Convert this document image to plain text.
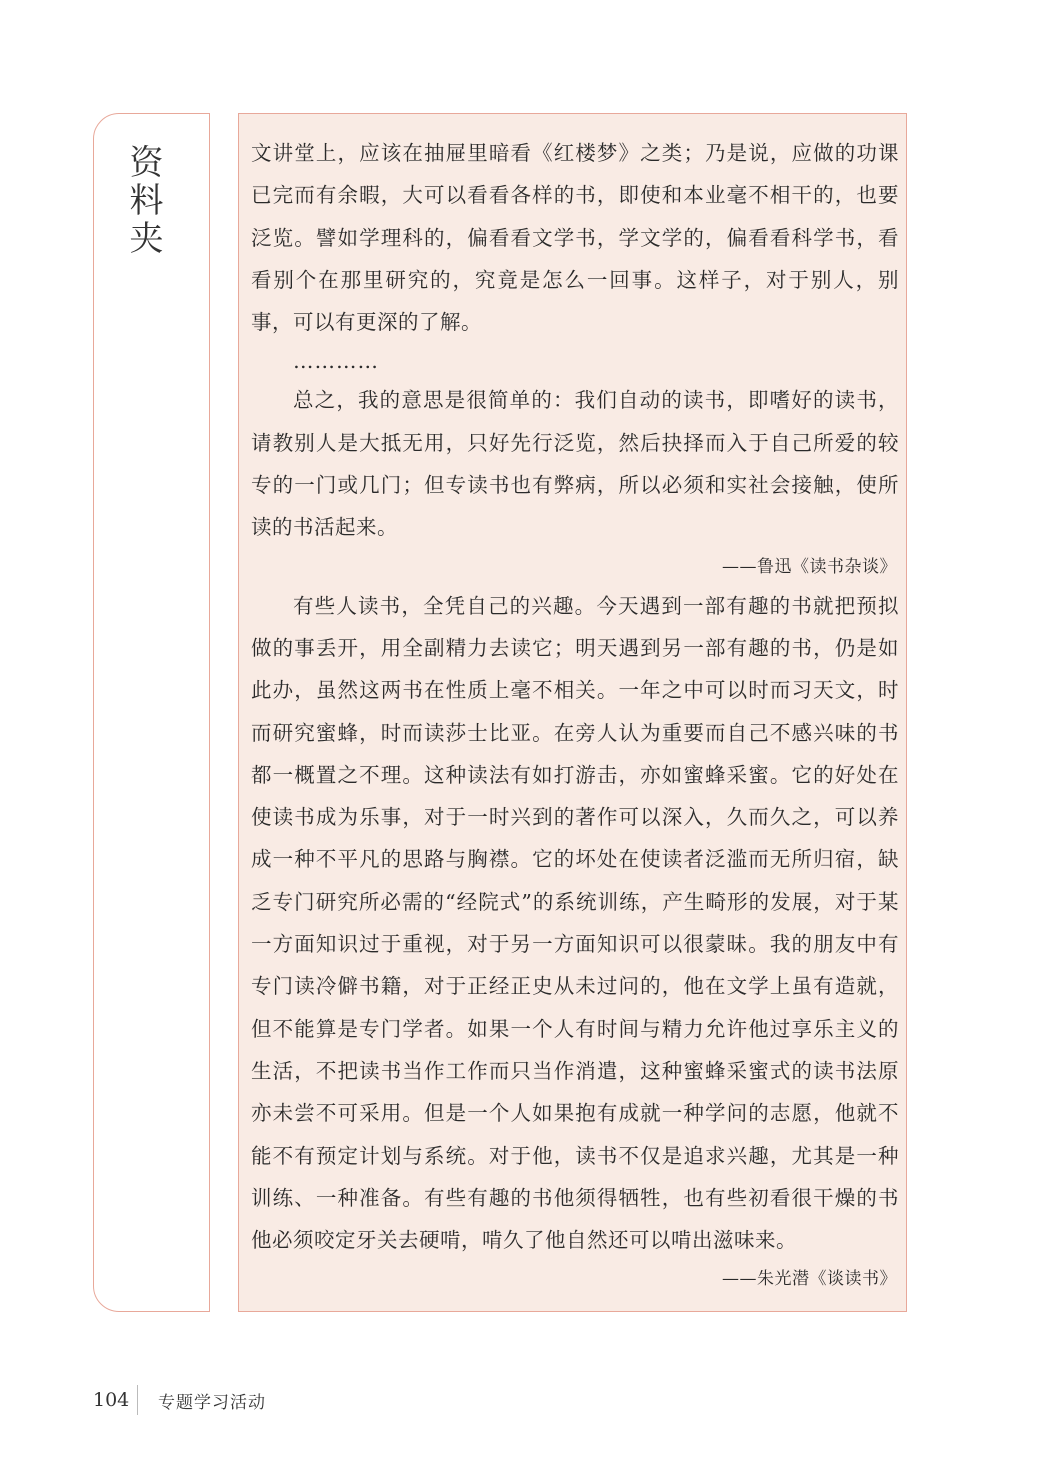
资料夹	文讲堂上，应该在抽屉里暗看《红楼梦》之类；乃是说，应做的功课已完而有余暇，大可以看看各样的书，即使和本业毫不相干的，也要泛览。譬如学理科的，偏看看文学书，学文学的，偏看看科学书，看看别个在那里研究的，究竟是怎么一回事。这样子，对于别人，别事，可以有更深的了解。

…………

总之，我的意思是很简单的：我们自动的读书，即嗜好的读书，请教别人是大抵无用，只好先行泛览，然后抉择而入于自己所爱的较专的一门或几门；但专读书也有弊病，所以必须和实社会接触，使所读的书活起来。

——鲁迅《读书杂谈》

有些人读书，全凭自己的兴趣。今天遇到一部有趣的书就把预拟做的事丢开，用全副精力去读它；明天遇到另一部有趣的书，仍是如此办，虽然这两书在性质上毫不相关。一年之中可以时而习天文，时而研究蜜蜂，时而读莎士比亚。在旁人认为重要而自己不感兴味的书都一概置之不理。这种读法有如打游击，亦如蜜蜂采蜜。它的好处在使读书成为乐事，对于一时兴到的著作可以深入，久而久之，可以养成一种不平凡的思路与胸襟。它的坏处在使读者泛滥而无所归宿，缺乏专门研究所必需的“经院式”的系统训练，产生畸形的发展，对于某一方面知识过于重视，对于另一方面知识可以很蒙昧。我的朋友中有专门读冷僻书籍，对于正经正史从未过问的，他在文学上虽有造就，但不能算是专门学者。如果一个人有时间与精力允许他过享乐主义的生活，不把读书当作工作而只当作消遣，这种蜜蜂采蜜式的读书法原亦未尝不可采用。但是一个人如果抱有成就一种学问的志愿，他就不能不有预定计划与系统。对于他，读书不仅是追求兴趣，尤其是一种训练、一种准备。有些有趣的书他须得牺牲，也有些初看很干燥的书他必须咬定牙关去硬啃，啃久了他自然还可以啃出滋味来。

——朱光潜《谈读书》

104 专题学习活动
